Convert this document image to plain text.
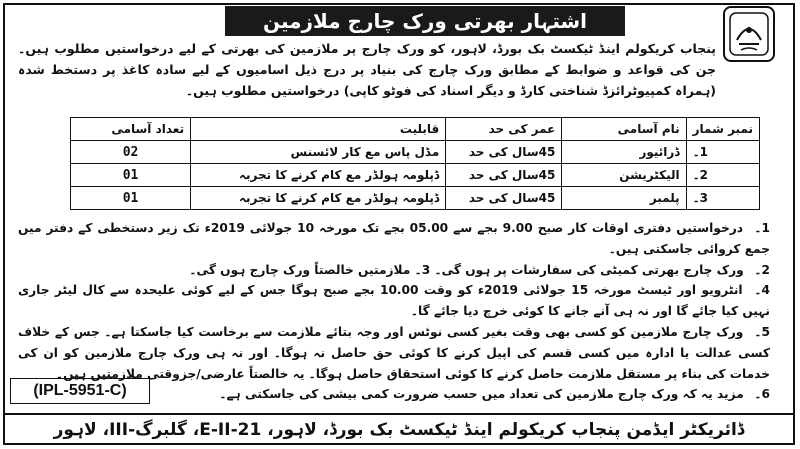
اشتہار بھرتی ورک چارج ملازمین

پنجاب کریکولم اینڈ ٹیکسٹ بک بورڈ، لاہور، کو ورک چارج پر ملازمین کی بھرتی کے لیے درخواستیں مطلوب ہیں۔ جن کی قواعد و ضوابط کے مطابق ورک چارج کی بنیاد پر درج ذیل اسامیوں کے لیے سادہ کاغذ پر دستخط شدہ (ہمراہ کمپیوٹرائزڈ شناختی کارڈ و دیگر اسناد کی فوٹو کاپی) درخواستیں مطلوب ہیں۔

نمبر شمار	نام آسامی	عمر کی حد	قابلیت	تعداد آسامی
1۔	ڈرائیور	45سال کی حد	مڈل پاس مع کار لائسنس	02
2۔	الیکٹریشن	45سال کی حد	ڈپلومہ ہولڈر مع کام کرنے کا تجربہ	01
3۔	پلمبر	45سال کی حد	ڈپلومہ ہولڈر مع کام کرنے کا تجربہ	01
1۔ درخواستیں دفتری اوقات کار صبح 9.00 بجے سے 05.00 بجے تک مورخہ 10 جولائی 2019ء تک زیر دستخطی کے دفتر میں جمع کروائی جاسکتی ہیں۔
2۔ ورک چارج بھرتی کمیٹی کی سفارشات پر ہوں گی۔ 3۔ ملازمتیں خالصتاً ورک چارج ہوں گی۔
4۔ انٹرویو اور ٹیسٹ مورخہ 15 جولائی 2019ء کو وقت 10.00 بجے صبح ہوگا جس کے لیے کوئی علیحدہ سے کال لیٹر جاری نہیں کیا جائے گا اور نہ ہی آنے جانے کا کوئی خرچ دیا جائے گا۔
5۔ ورک چارج ملازمین کو کسی بھی وقت بغیر کسی نوٹس اور وجہ بتائے ملازمت سے برخاست کیا جاسکتا ہے۔ جس کے خلاف کسی عدالت یا ادارہ میں کسی قسم کی اپیل کرنے کا کوئی حق حاصل نہ ہوگا۔ اور نہ ہی ورک چارج ملازمین کو ان کی خدمات کی بناء پر مستقل ملازمت حاصل کرنے کا کوئی استحقاق حاصل ہوگا۔ یہ خالصتاً عارضی/جزوقتی ملازمتیں ہیں۔
6۔ مزید یہ کہ ورک چارج ملازمین کی تعداد میں حسب ضرورت کمی بیشی کی جاسکتی ہے۔
(IPL-5951-C)
ڈائریکٹر ایڈمن پنجاب کریکولم اینڈ ٹیکسٹ بک بورڈ، لاہور، 21-E-II، گلبرگ-III، لاہور
